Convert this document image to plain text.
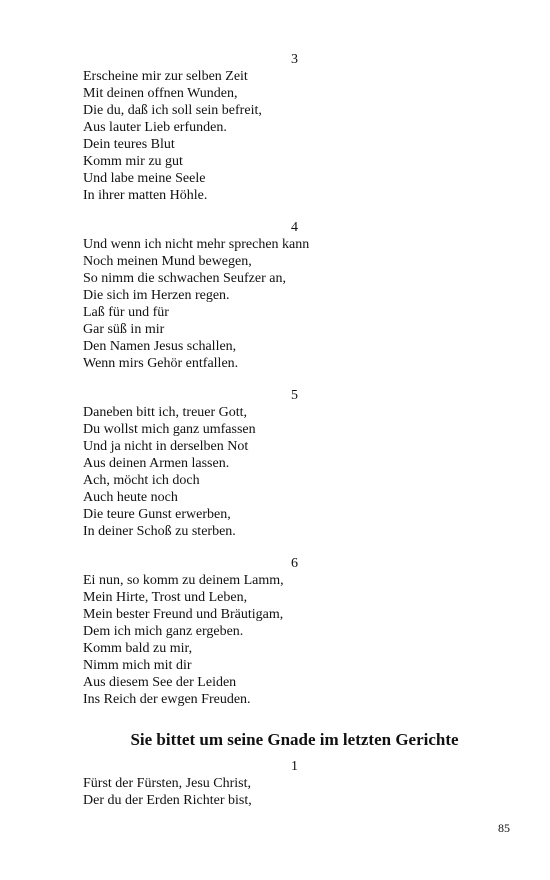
3
Erscheine mir zur selben Zeit
Mit deinen offnen Wunden,
Die du, daß ich soll sein befreit,
Aus lauter Lieb erfunden.
Dein teures Blut
Komm mir zu gut
Und labe meine Seele
In ihrer matten Höhle.
4
Und wenn ich nicht mehr sprechen kann
Noch meinen Mund bewegen,
So nimm die schwachen Seufzer an,
Die sich im Herzen regen.
Laß für und für
Gar süß in mir
Den Namen Jesus schallen,
Wenn mirs Gehör entfallen.
5
Daneben bitt ich, treuer Gott,
Du wollst mich ganz umfassen
Und ja nicht in derselben Not
Aus deinen Armen lassen.
Ach, möcht ich doch
Auch heute noch
Die teure Gunst erwerben,
In deiner Schoß zu sterben.
6
Ei nun, so komm zu deinem Lamm,
Mein Hirte, Trost und Leben,
Mein bester Freund und Bräutigam,
Dem ich mich ganz ergeben.
Komm bald zu mir,
Nimm mich mit dir
Aus diesem See der Leiden
Ins Reich der ewgen Freuden.
Sie bittet um seine Gnade im letzten Gerichte
1
Fürst der Fürsten, Jesu Christ,
Der du der Erden Richter bist,
85
